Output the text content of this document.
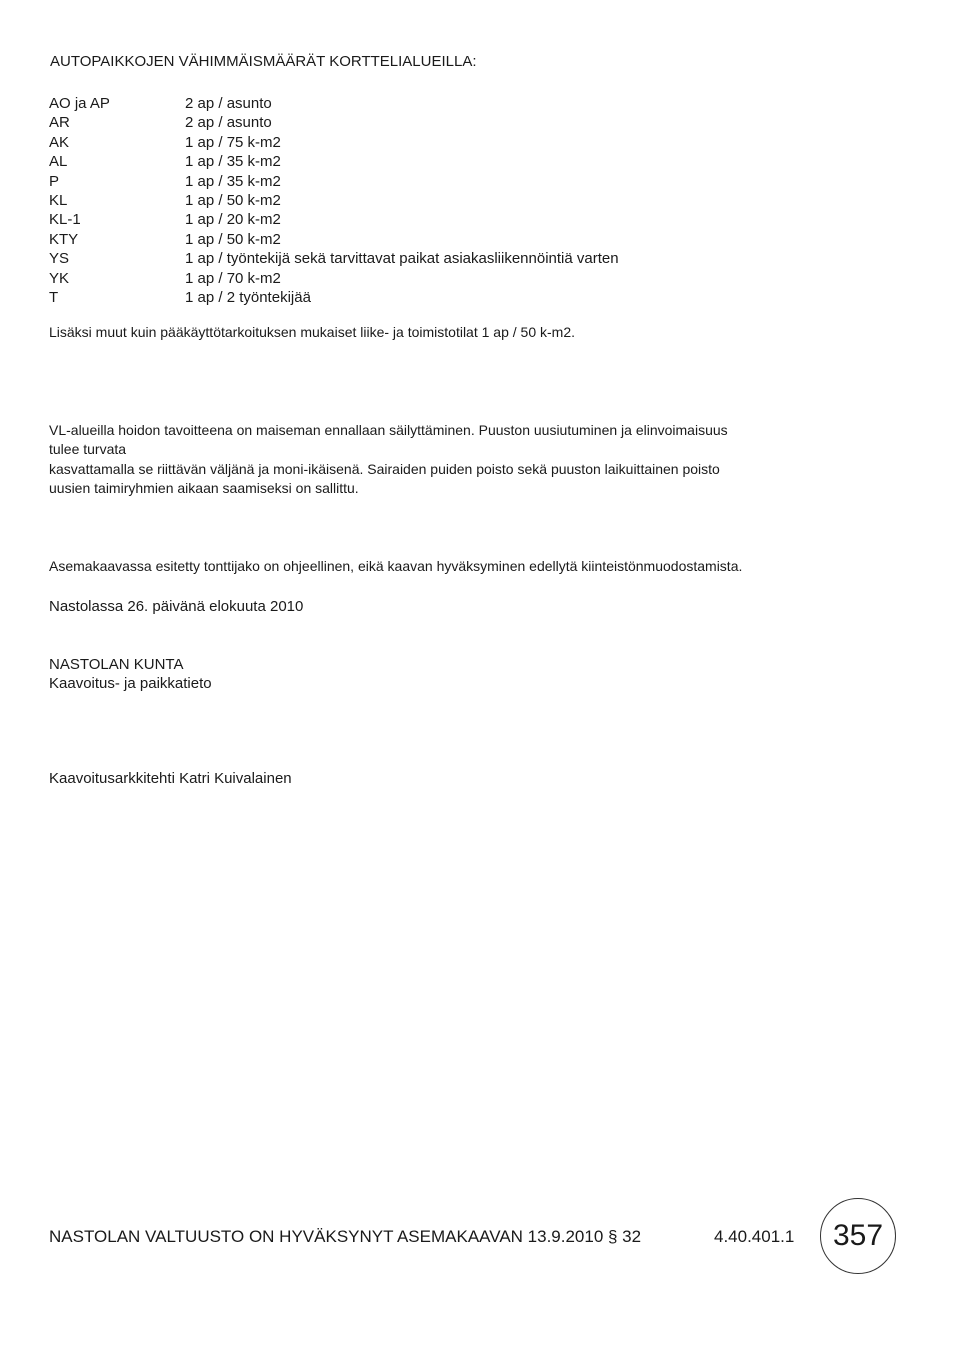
AUTOPAIKKOJEN VÄHIMMÄISMÄÄRÄT KORTTELIALUEILLA:
AO ja AP	2 ap / asunto
AR	2 ap / asunto
AK	1 ap / 75 k-m2
AL	1 ap / 35 k-m2
P	1 ap / 35 k-m2
KL	1 ap / 50 k-m2
KL-1	1 ap / 20 k-m2
KTY	1 ap / 50 k-m2
YS	1 ap / työntekijä sekä tarvittavat paikat asiakasliikennöintiä varten
YK	1 ap / 70 k-m2
T	1 ap / 2 työntekijää
Lisäksi muut kuin pääkäyttötarkoituksen mukaiset liike- ja toimistotilat 1 ap / 50 k-m2.
VL-alueilla hoidon tavoitteena on maiseman ennallaan säilyttäminen. Puuston uusiutuminen ja elinvoimaisuus
tulee turvata
kasvattamalla se riittävän väljänä ja moni-ikäisenä. Sairaiden puiden poisto sekä puuston laikuittainen poisto
uusien taimiryhmien aikaan saamiseksi on sallittu.
Asemakaavassa esitetty tonttijako on ohjeellinen, eikä kaavan hyväksyminen edellytä kiinteistönmuodostamista.
Nastolassa 26. päivänä elokuuta 2010
NASTOLAN KUNTA
Kaavoitus- ja paikkatieto
Kaavoitusarkkitehti Katri Kuivalainen
NASTOLAN VALTUUSTO ON HYVÄKSYNYT ASEMAKAAVAN 13.9.2010 § 32	4.40.401.1 357
